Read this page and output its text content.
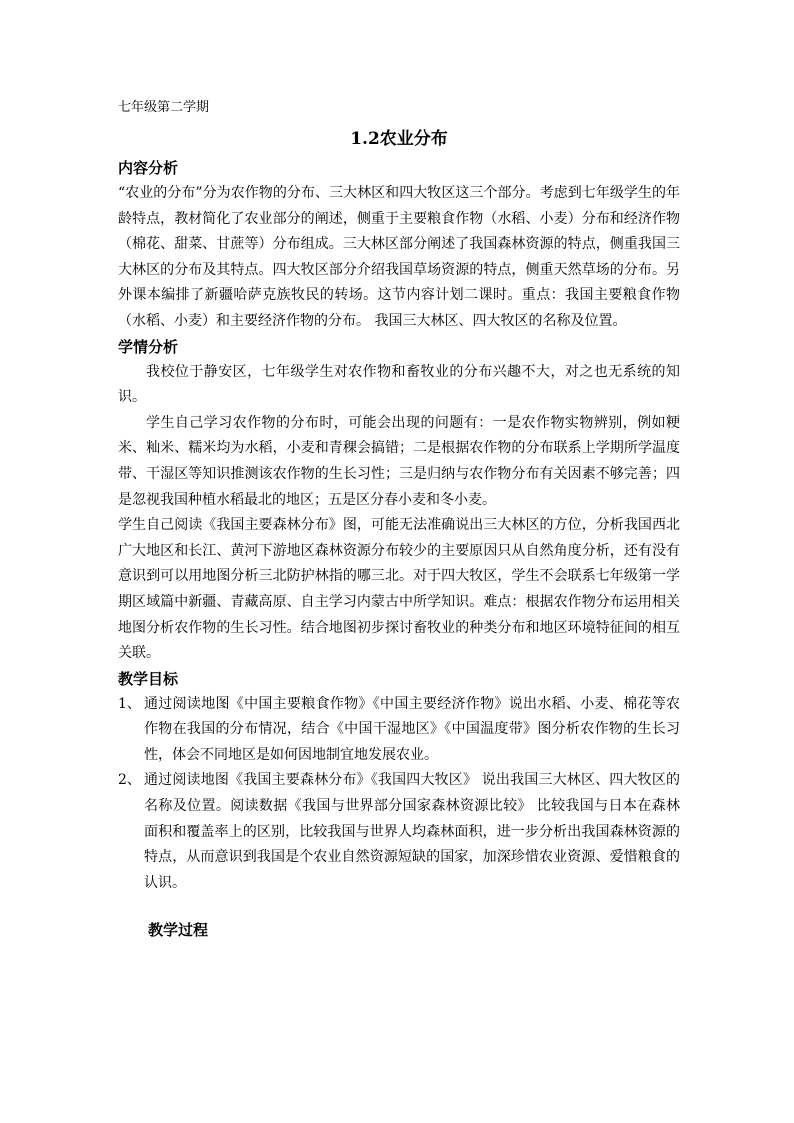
七年级第二学期

1.2农业分布

内容分析

“农业的分布”分为农作物的分布、三大林区和四大牧区这三个部分。考虑到七年级学生的年龄特点，教材简化了农业部分的阐述，侧重于主要粮食作物（水稻、小麦）分布和经济作物（棉花、甜菜、甘蔗等）分布组成。三大林区部分阐述了我国森林资源的特点，侧重我国三大林区的分布及其特点。四大牧区部分介绍我国草场资源的特点，侧重天然草场的分布。另外课本编排了新疆哈萨克族牧民的转场。这节内容计划二课时。重点：我国主要粮食作物（水稻、小麦）和主要经济作物的分布。 我国三大林区、四大牧区的名称及位置。

学情分析

我校位于静安区，七年级学生对农作物和畜牧业的分布兴趣不大，对之也无系统的知识。

学生自己学习农作物的分布时，可能会出现的问题有：一是农作物实物辨别，例如粳米、籼米、糯米均为水稻，小麦和青稞会搞错；二是根据农作物的分布联系上学期所学温度带、干湿区等知识推测该农作物的生长习性；三是归纳与农作物分布有关因素不够完善；四是忽视我国种植水稻最北的地区；五是区分春小麦和冬小麦。

学生自己阅读《我国主要森林分布》图，可能无法准确说出三大林区的方位，分析我国西北广大地区和长江、黄河下游地区森林资源分布较少的主要原因只从自然角度分析，还有没有意识到可以用地图分析三北防护林指的哪三北。对于四大牧区，学生不会联系七年级第一学期区域篇中新疆、青藏高原、自主学习内蒙古中所学知识。难点：根据农作物分布运用相关地图分析农作物的生长习性。结合地图初步探讨畜牧业的种类分布和地区环境特征间的相互关联。

教学目标

1、 通过阅读地图《中国主要粮食作物》《中国主要经济作物》说出水稻、小麦、棉花等农作物在我国的分布情况，结合《中国干湿地区》《中国温度带》图分析农作物的生长习性，体会不同地区是如何因地制宜地发展农业。
2、 通过阅读地图《我国主要森林分布》《我国四大牧区》 说出我国三大林区、四大牧区的名称及位置。阅读数据《我国与世界部分国家森林资源比较》 比较我国与日本在森林面积和覆盖率上的区别，比较我国与世界人均森林面积，进一步分析出我国森林资源的特点，从而意识到我国是个农业自然资源短缺的国家，加深珍惜农业资源、爱惜粮食的认识。

教学过程
